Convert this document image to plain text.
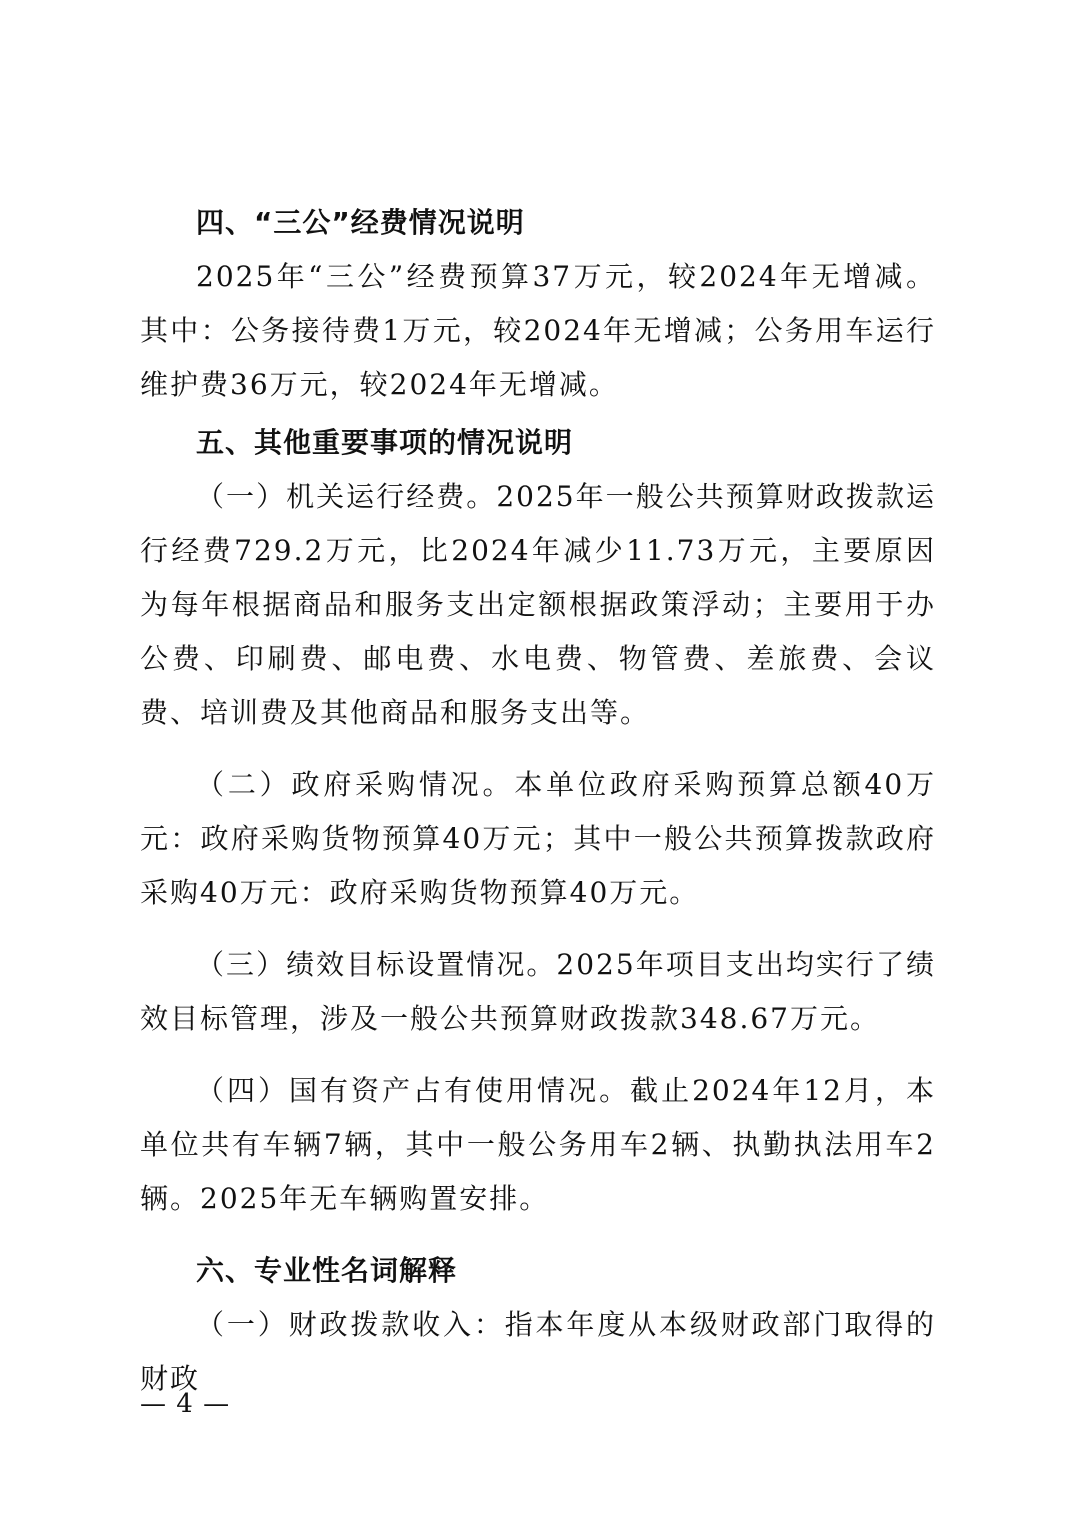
四、“三公”经费情况说明

2025年“三公”经费预算37万元，较2024年无增减。其中：公务接待费1万元，较2024年无增减；公务用车运行维护费36万元，较2024年无增减。

五、其他重要事项的情况说明

（一）机关运行经费。2025年一般公共预算财政拨款运行经费729.2万元，比2024年减少11.73万元，主要原因为每年根据商品和服务支出定额根据政策浮动；主要用于办公费、印刷费、邮电费、水电费、物管费、差旅费、会议费、培训费及其他商品和服务支出等。

（二）政府采购情况。本单位政府采购预算总额40万元：政府采购货物预算40万元；其中一般公共预算拨款政府采购40万元：政府采购货物预算40万元。

（三）绩效目标设置情况。2025年项目支出均实行了绩效目标管理，涉及一般公共预算财政拨款348.67万元。

（四）国有资产占有使用情况。截止2024年12月，本单位共有车辆7辆，其中一般公务用车2辆、执勤执法用车2辆。2025年无车辆购置安排。

六、专业性名词解释

（一）财政拨款收入：指本年度从本级财政部门取得的财政

— 4 —
